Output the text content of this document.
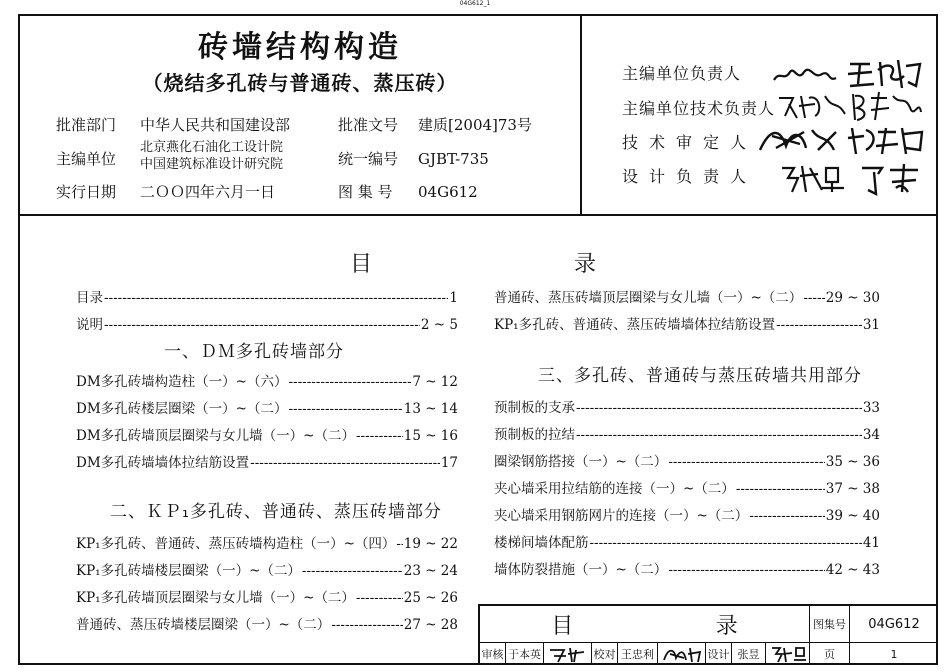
04G612_1
砖墙结构构造
（烧结多孔砖与普通砖、蒸压砖）
批准部门 中华人民共和国建设部	批准文号 建质[2004]73号
主编单位
北京燕化石油化工设计院
中国建筑标准设计研究院	统一编号 GJBT-735
实行日期 二ＯＯ四年六月一日	图 集 号 04G612
主编单位负责人
主编单位技术负责人
技术审定人
设计负责人
目	录
目录 -----	1
说明 -----	2 ~ 5
一、ＤＭ多孔砖墙部分
DM多孔砖墙构造柱（一）~（六） -----	7 ~ 12
DM多孔砖楼层圈梁（一）~（二） -----	13 ~ 14
DM多孔砖墙顶层圈梁与女儿墙（一）~（二） -----	15 ~ 16
DM多孔砖墙墙体拉结筋设置 -----	17
二、ＫＰ₁多孔砖、普通砖、蒸压砖墙部分
KP₁多孔砖、普通砖、蒸压砖墙构造柱（一）~（四） ----- 19 ~ 22
KP₁多孔砖墙楼层圈梁（一）~（二） -----	23 ~ 24
KP₁多孔砖墙顶层圈梁与女儿墙（一）~（二） -----	25 ~ 26
普通砖、蒸压砖墙楼层圈梁（一）~（二） -----	27 ~ 28
普通砖、蒸压砖墙顶层圈梁与女儿墙（一）~（二） ----- 29 ~ 30
KP₁多孔砖、普通砖、蒸压砖墙墙体拉结筋设置 -----	31
三、多孔砖、普通砖与蒸压砖墙共用部分
预制板的支承 -----	33
预制板的拉结 -----	34
圈梁钢筋搭接（一）~（二） -----	35 ~ 36
夹心墙采用拉结筋的连接（一）~（二） -----	37 ~ 38
夹心墙采用钢筋网片的连接（一）~（二） -----	39 ~ 40
楼梯间墙体配筋 -----	41
墙体防裂措施（一）~（二） -----	42 ~ 43
目	录	图集号	04G612
审核 于本英	校对 王忠利	设计 张昱	页	1
